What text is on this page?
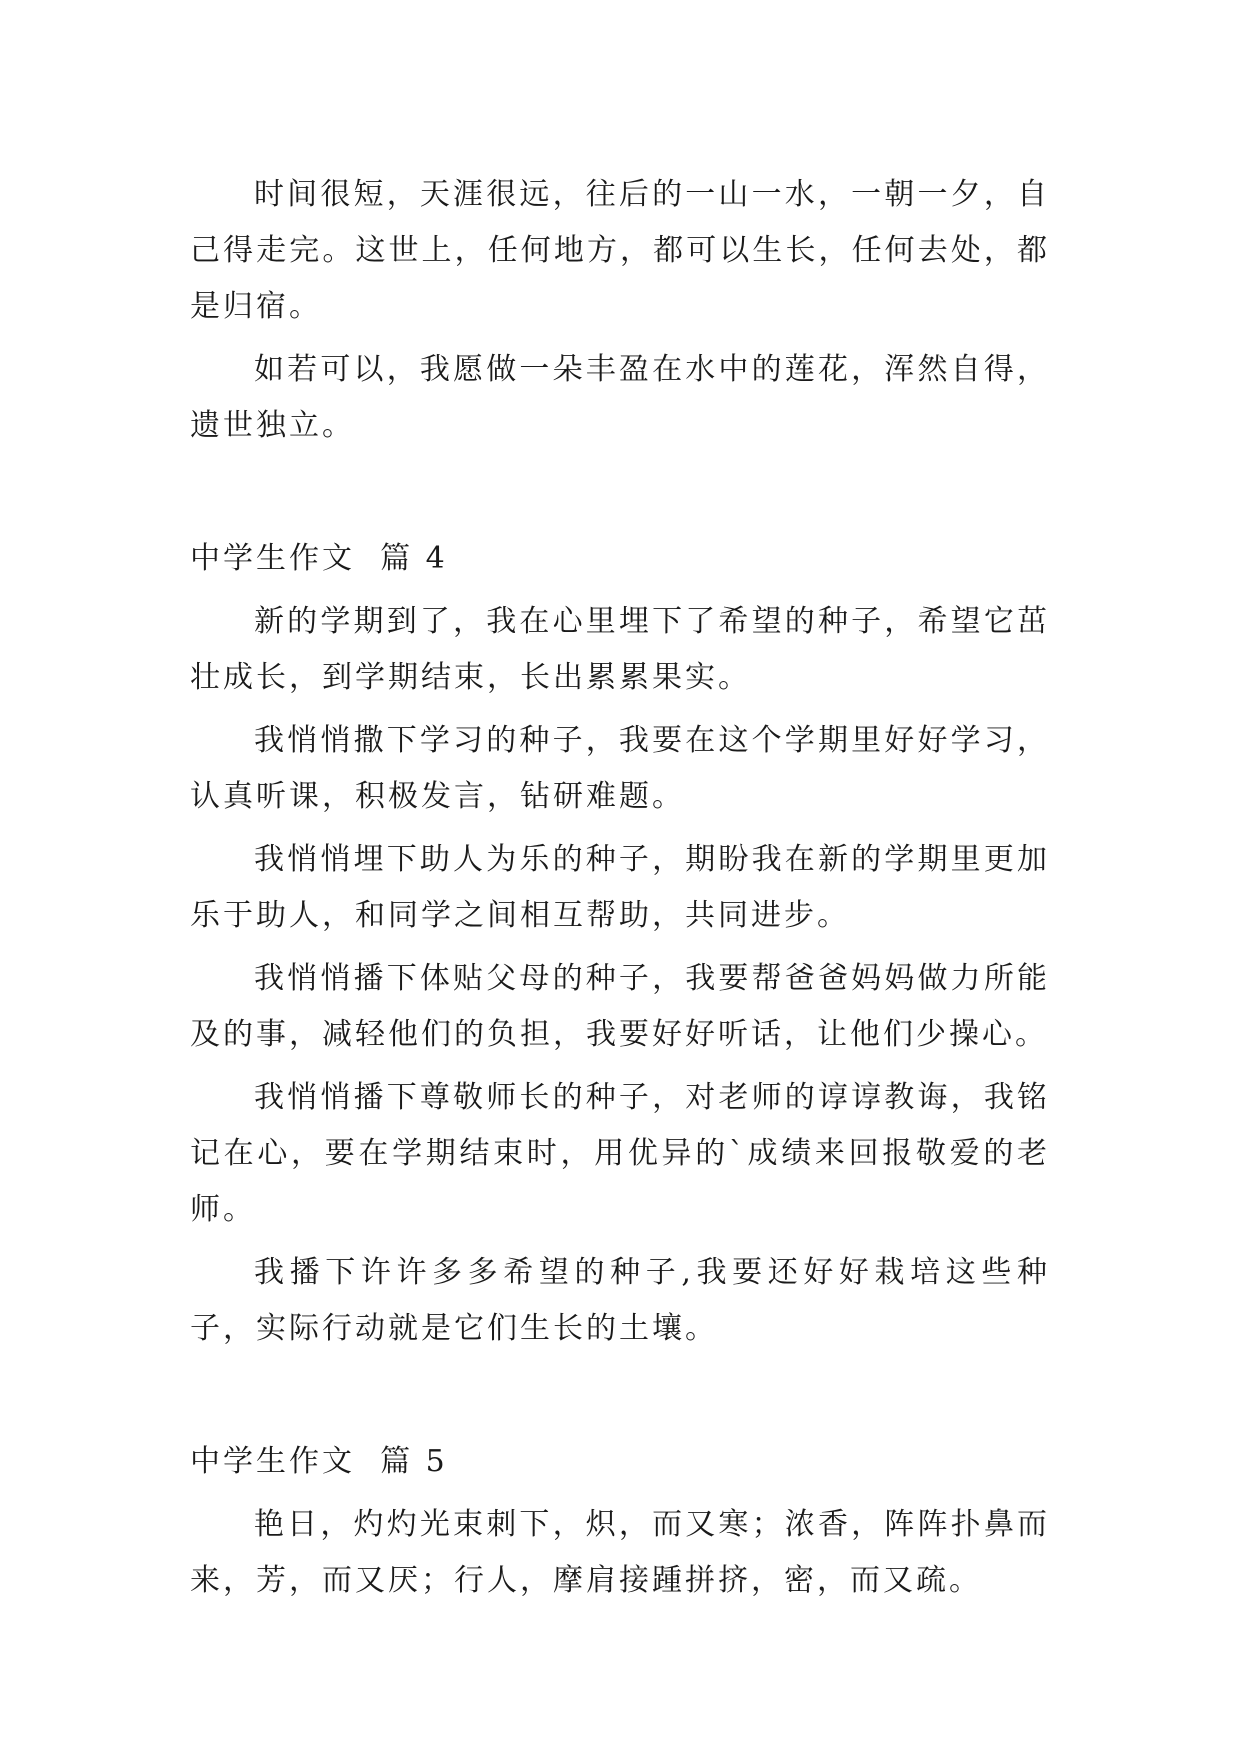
时间很短，天涯很远，往后的一山一水，一朝一夕，自己得走完。这世上，任何地方，都可以生长，任何去处，都是归宿。

如若可以，我愿做一朵丰盈在水中的莲花，浑然自得，遗世独立。

中学生作文  篇 4

新的学期到了，我在心里埋下了希望的种子，希望它茁壮成长，到学期结束，长出累累果实。

我悄悄撒下学习的种子，我要在这个学期里好好学习，认真听课，积极发言，钻研难题。

我悄悄埋下助人为乐的种子，期盼我在新的学期里更加乐于助人，和同学之间相互帮助，共同进步。

我悄悄播下体贴父母的种子，我要帮爸爸妈妈做力所能及的事，减轻他们的负担，我要好好听话，让他们少操心。

我悄悄播下尊敬师长的种子，对老师的谆谆教诲，我铭记在心，要在学期结束时，用优异的`成绩来回报敬爱的老师。

我播下许许多多希望的种子,我要还好好栽培这些种子，实际行动就是它们生长的土壤。

中学生作文  篇 5

艳日，灼灼光束刺下，炽，而又寒；浓香，阵阵扑鼻而来，芳，而又厌；行人，摩肩接踵拼挤，密，而又疏。
